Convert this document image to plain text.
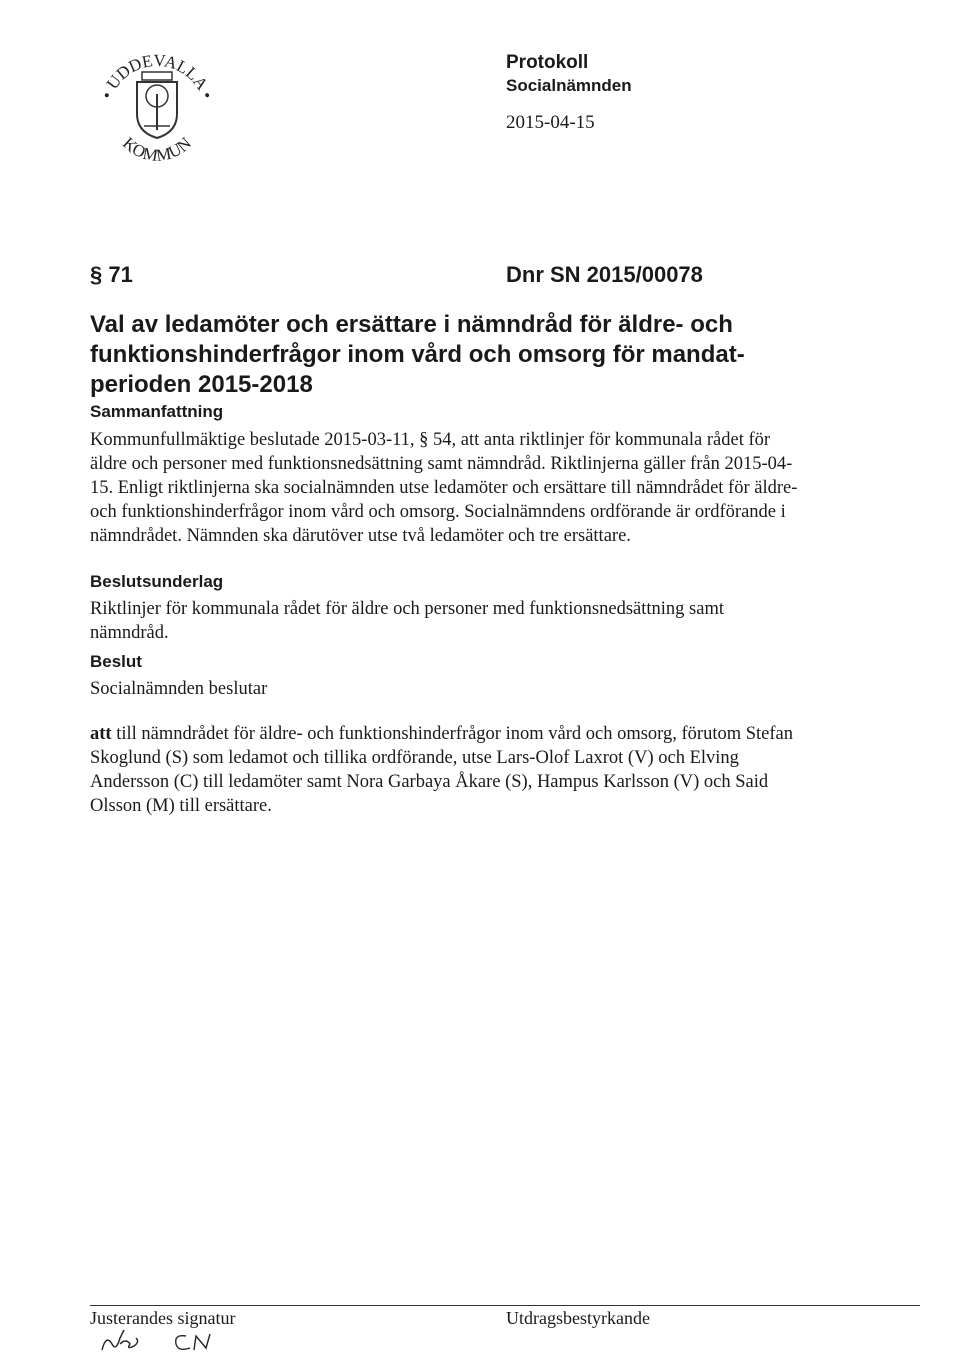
• UDDEVALLA •
KOMMUN
Protokoll
Socialnämnden
2015-04-15
§ 71	Dnr SN 2015/00078
Val av ledamöter och ersättare i nämndråd för äldre- och funktionshinderfrågor inom vård och omsorg för mandat-perioden 2015-2018
Sammanfattning

Kommunfullmäktige beslutade 2015-03-11, § 54, att anta riktlinjer för kommunala rådet för äldre och personer med funktionsnedsättning samt nämndråd. Riktlinjerna gäller från 2015-04-15. Enligt riktlinjerna ska socialnämnden utse ledamöter och ersättare till nämndrådet för äldre- och funktionshinderfrågor inom vård och omsorg. Socialnämndens ordförande är ordförande i nämndrådet. Nämnden ska därutöver utse två ledamöter och tre ersättare.

Beslutsunderlag

Riktlinjer för kommunala rådet för äldre och personer med funktionsnedsättning samt nämndråd.

Beslut
Socialnämnden beslutar

att till nämndrådet för äldre- och funktionshinderfrågor inom vård och omsorg, förutom Stefan Skoglund (S) som ledamot och tillika ordförande, utse Lars-Olof Laxrot (V) och Elving Andersson (C) till ledamöter samt Nora Garbaya Åkare (S), Hampus Karlsson (V) och Said Olsson (M) till ersättare.

Justerandes signatur	Utdragsbestyrkande
